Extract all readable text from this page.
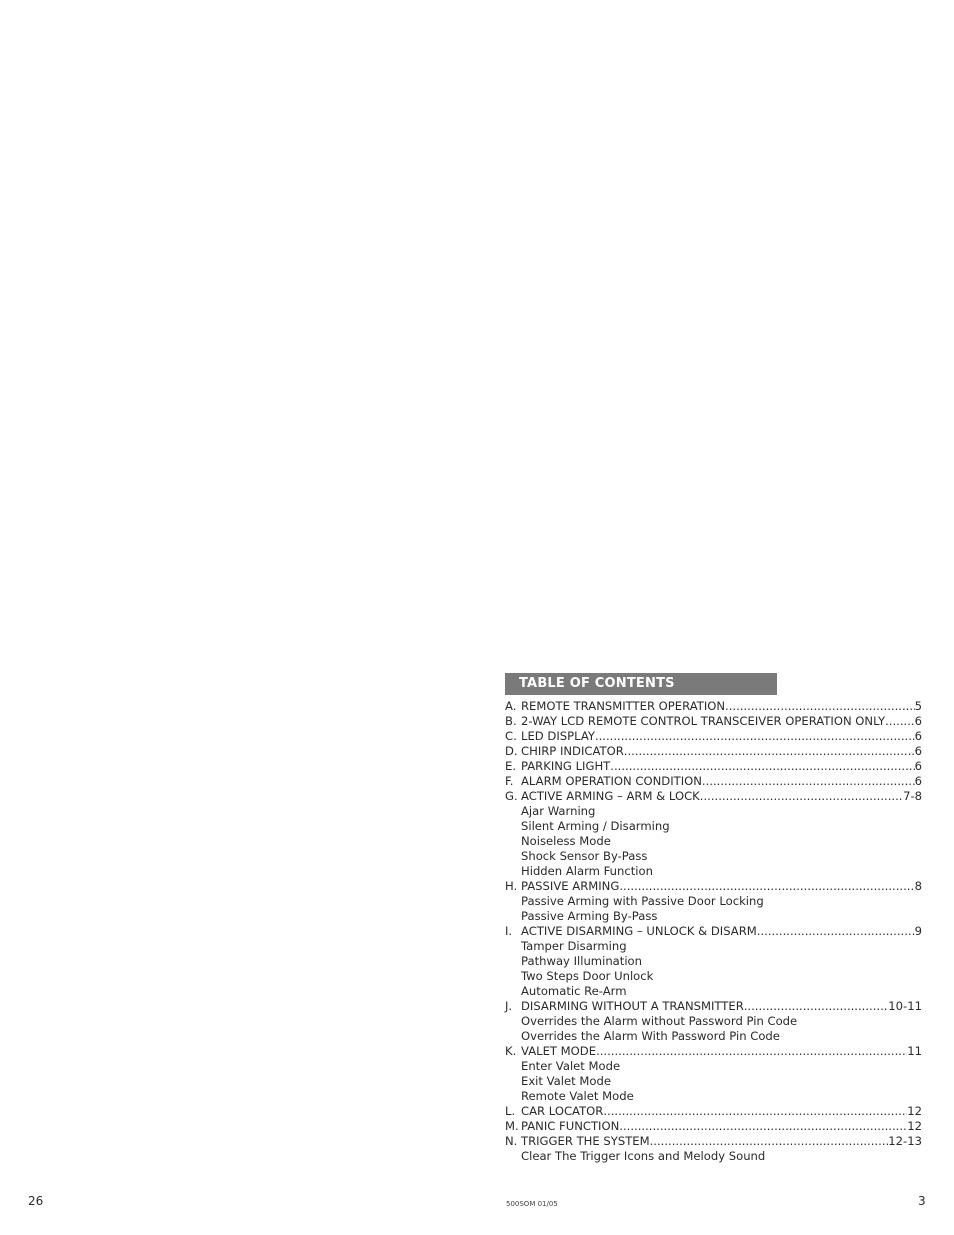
TABLE OF CONTENTS
A. REMOTE TRANSMITTER OPERATION .....	5
B. 2-WAY LCD REMOTE CONTROL TRANSCEIVER OPERATION ONLY .....	6
C. LED DISPLAY .....	6
D. CHIRP INDICATOR .....	6
E. PARKING LIGHT .....	6
F. ALARM OPERATION CONDITION .....	6
G. ACTIVE ARMING – ARM & LOCK .....	7-8
Ajar Warning
Silent Arming / Disarming
Noiseless Mode
Shock Sensor By-Pass
Hidden Alarm Function
H. PASSIVE ARMING .....	8
Passive Arming with Passive Door Locking
Passive Arming By-Pass
I. ACTIVE DISARMING – UNLOCK & DISARM .....	9
Tamper Disarming
Pathway Illumination
Two Steps Door Unlock
Automatic Re-Arm
J. DISARMING WITHOUT A TRANSMITTER .....	10-11
Overrides the Alarm without Password Pin Code
Overrides the Alarm With Password Pin Code
K. VALET MODE .....	11
Enter Valet Mode
Exit Valet Mode
Remote Valet Mode
L. CAR LOCATOR .....	12
M. PANIC FUNCTION .....	12
N. TRIGGER THE SYSTEM .....	12-13
Clear The Trigger Icons and Melody Sound
26	500SOM 01/05	3
